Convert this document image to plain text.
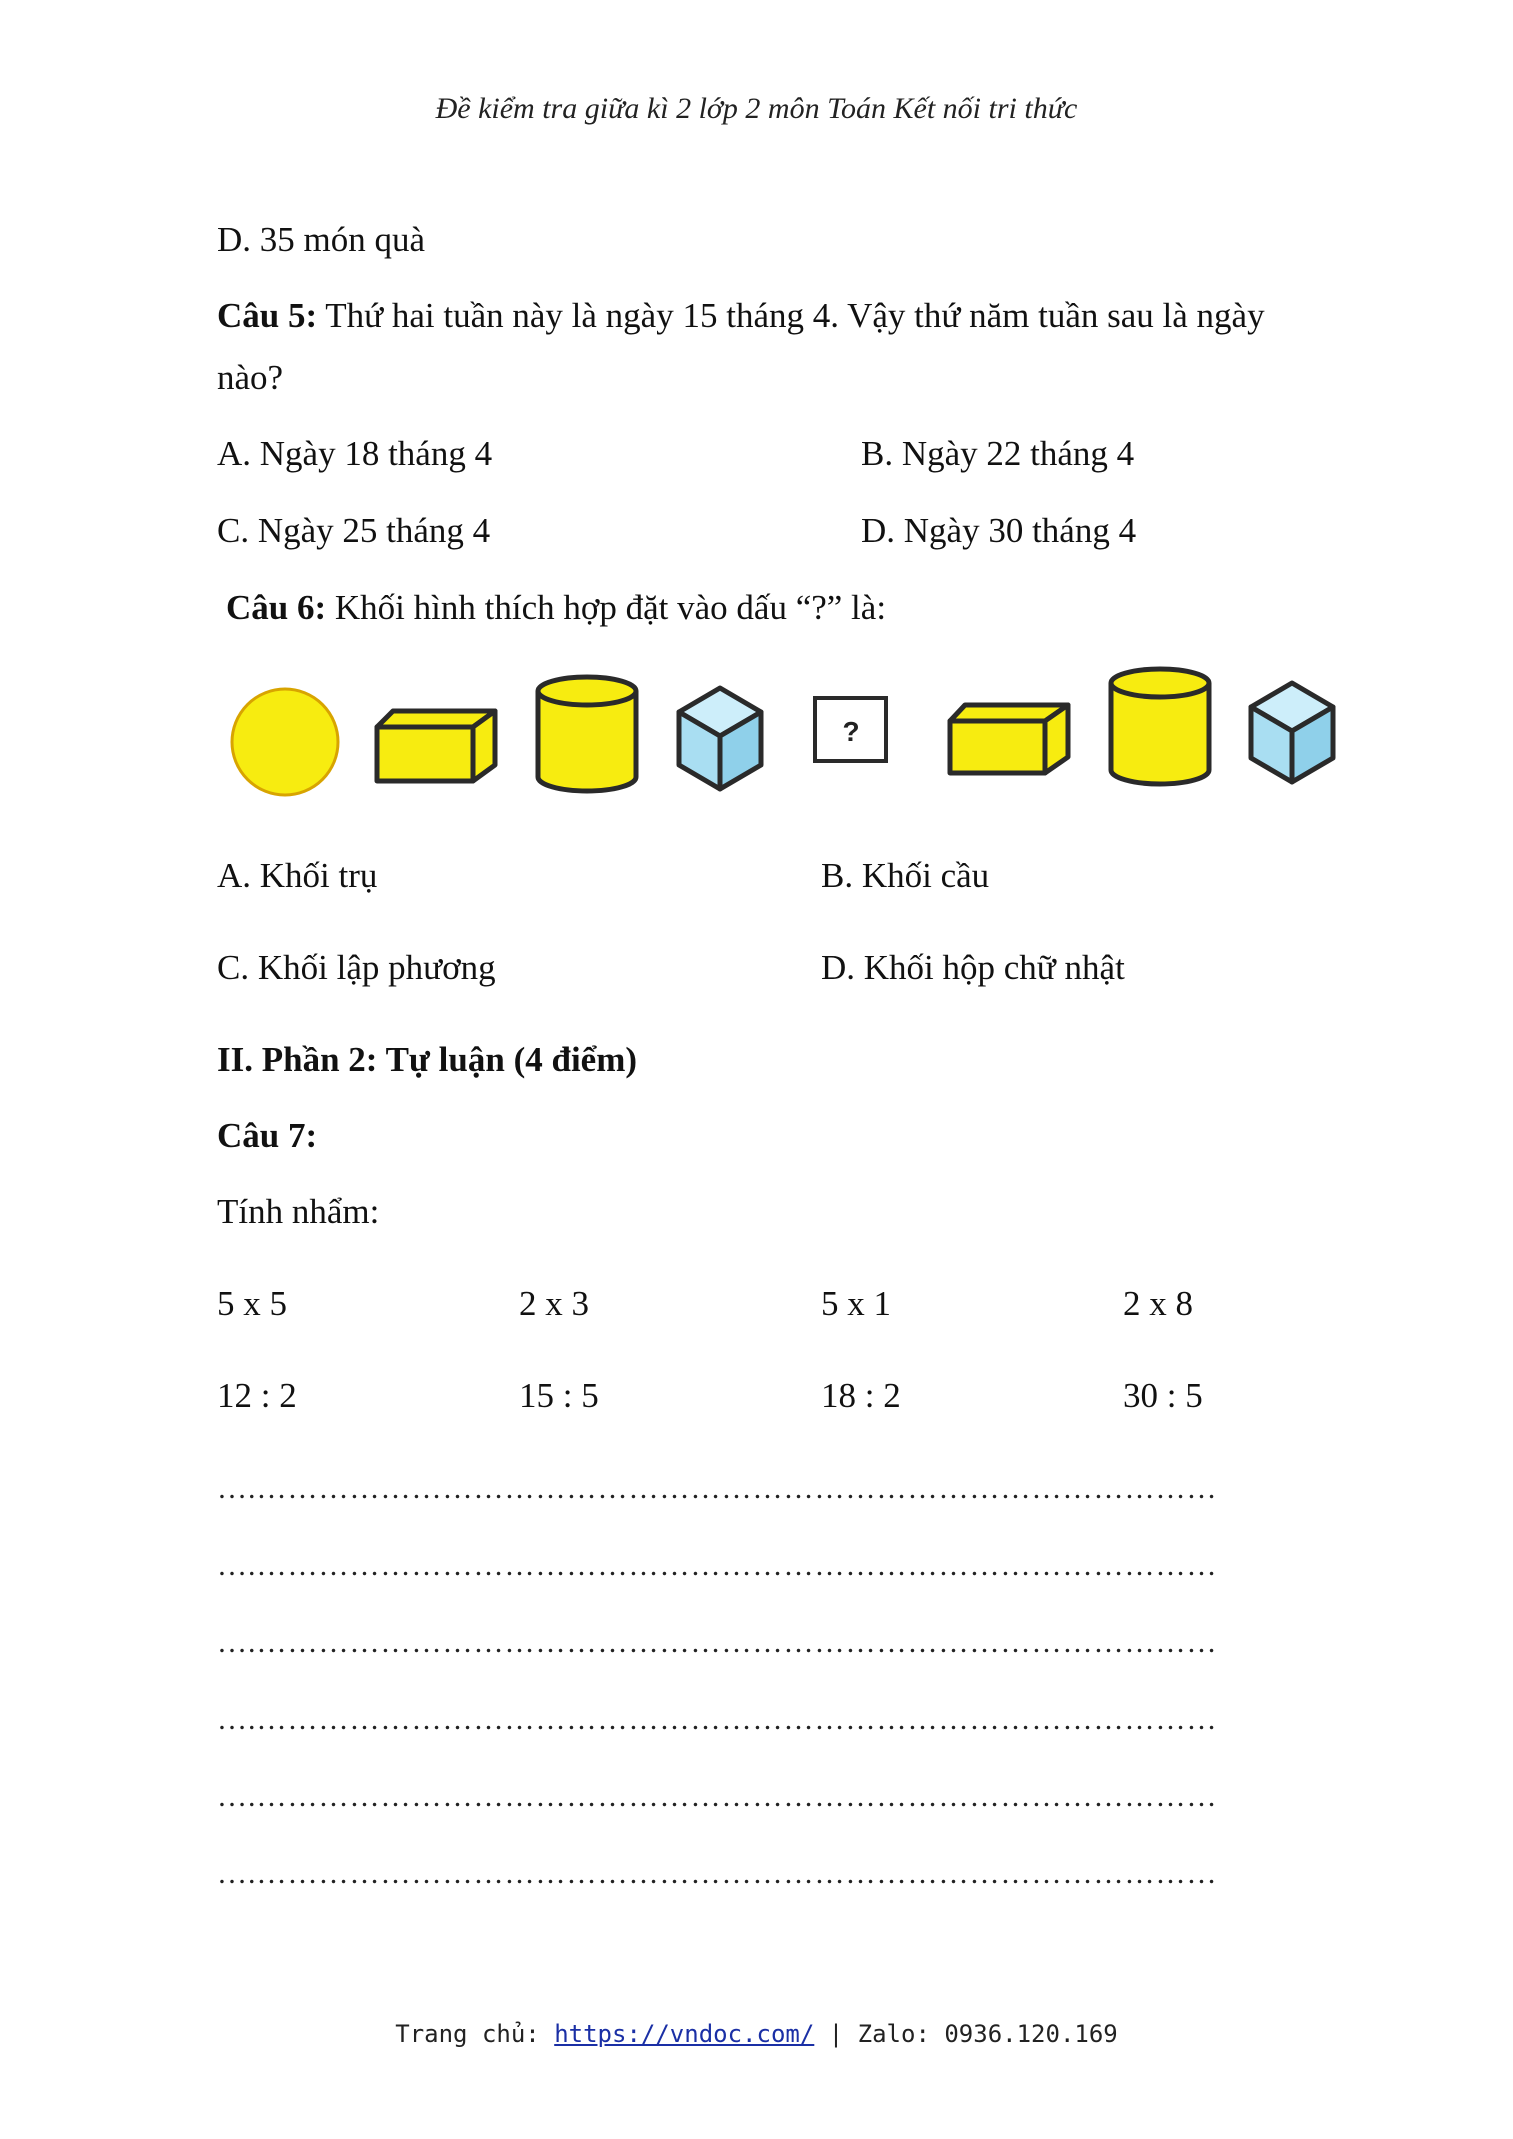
Đề kiểm tra giữa kì 2 lớp 2 môn Toán Kết nối tri thức
D. 35 món quà
Câu 5: Thứ hai tuần này là ngày 15 tháng 4. Vậy thứ năm tuần sau là ngày
nào?
A. Ngày 18 tháng 4	B. Ngày 22 tháng 4
C. Ngày 25 tháng 4	D. Ngày 30 tháng 4
Câu 6: Khối hình thích hợp đặt vào dấu “?” là:
?
A. Khối trụ	B. Khối cầu
C. Khối lập phương	D. Khối hộp chữ nhật
II. Phần 2: Tự luận (4 điểm)
Câu 7:
Tính nhẩm:
5 x 5	2 x 3	5 x 1	2 x 8
12 : 2	15 : 5	18 : 2	30 : 5
….…………………………………………………………………………………
….…………………………………………………………………………………
….…………………………………………………………………………………
….…………………………………………………………………………………
….…………………………………………………………………………………
….…………………………………………………………………………………
Trang chủ: https://vndoc.com/ | Zalo: 0936.120.169
